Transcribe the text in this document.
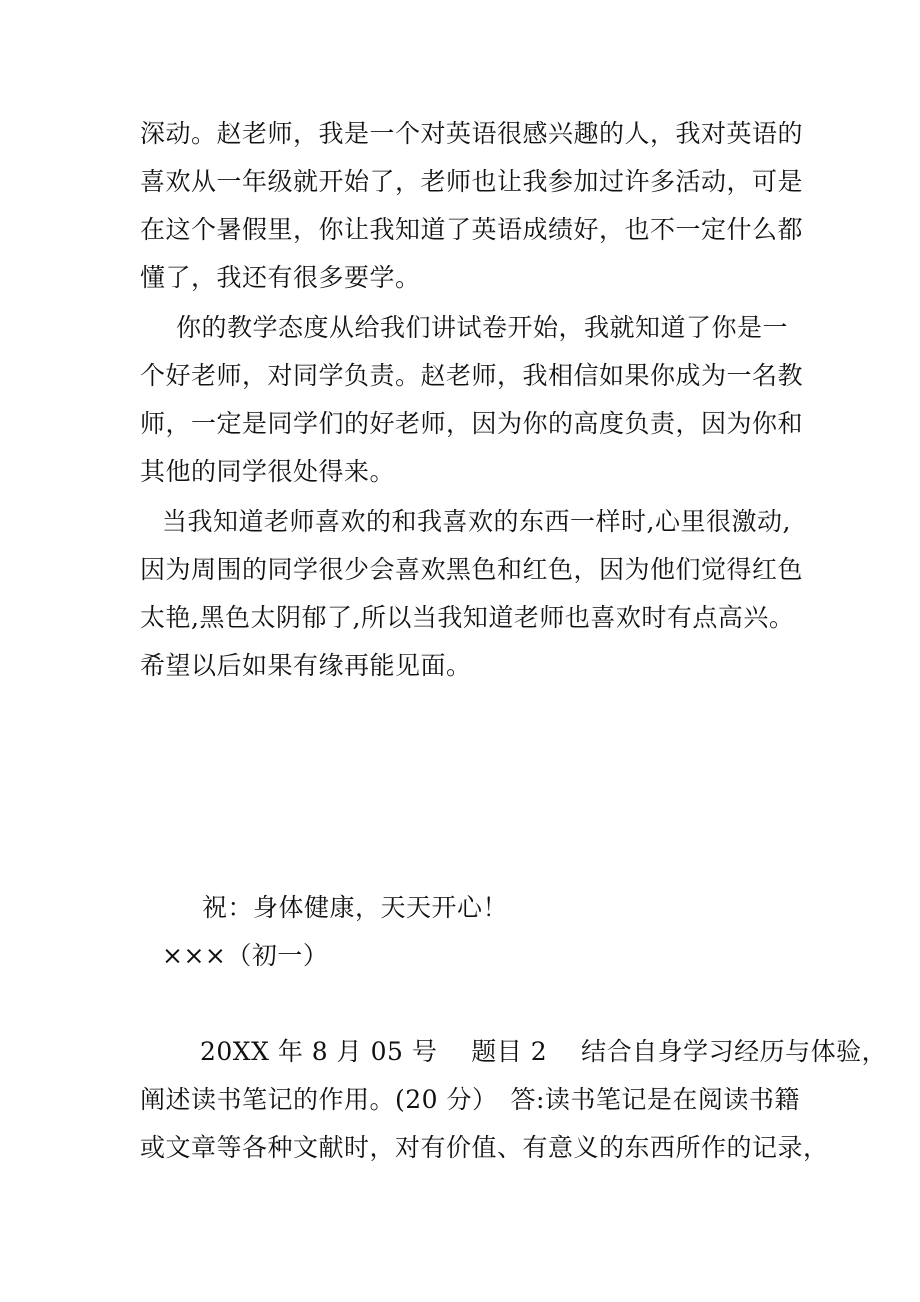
深动。赵老师，我是一个对英语很感兴趣的人，我对英语的
喜欢从一年级就开始了，老师也让我参加过许多活动，可是
在这个暑假里，你让我知道了英语成绩好，也不一定什么都
懂了，我还有很多要学。
你的教学态度从给我们讲试卷开始，我就知道了你是一
个好老师，对同学负责。赵老师，我相信如果你成为一名教
师，一定是同学们的好老师，因为你的高度负责，因为你和
其他的同学很处得来。
当我知道老师喜欢的和我喜欢的东西一样时,心里很激动,
因为周围的同学很少会喜欢黑色和红色，因为他们觉得红色
太艳,黑色太阴郁了,所以当我知道老师也喜欢时有点高兴。
希望以后如果有缘再能见面。
祝：身体健康，天天开心！
×××（初一）
20XX 年 8 月 05 号　 题目 2　 结合自身学习经历与体验，
阐述读书笔记的作用。(20 分）　答:读书笔记是在阅读书籍
或文章等各种文献时，对有价值、有意义的东西所作的记录，
